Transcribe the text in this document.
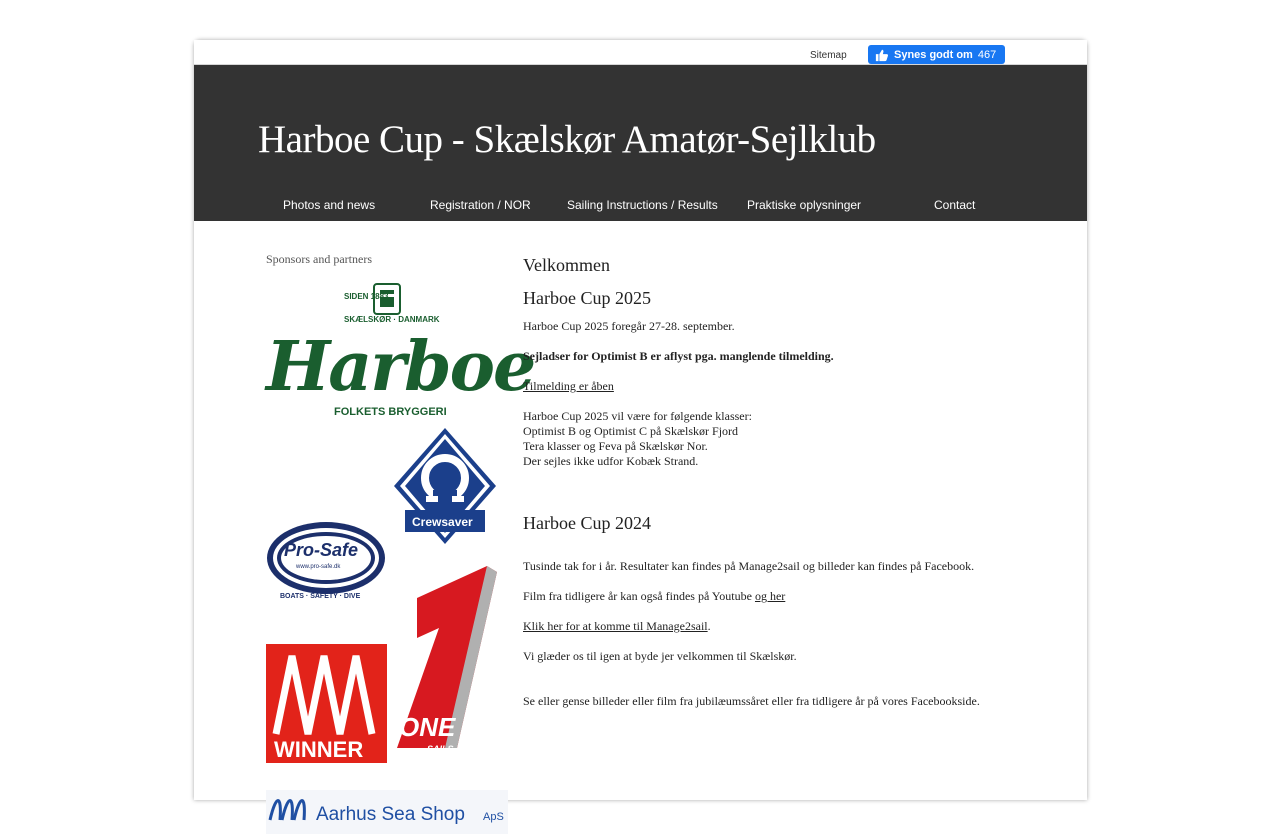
Sitemap	Synes godt om 467
Harboe Cup - Skælskør Amatør-Sejlklub
Photos and news	Registration / NOR	Sailing Instructions / Results Praktiske oplysninger	Contact
Sponsors and partners
SIDEN 1883
SKÆLSKØR · DANMARK
Harboe
FOLKETS BRYGGERI
Pro-Safe
www.pro-safe.dk
BOATS · SAFETY · DIVE
Crewsaver
WINNER
ONE
SAILS
Aarhus Sea Shop ApS
Velkommen
Harboe Cup 2025

Harboe Cup 2025 foregår 27-28. september.

Sejladser for Optimist B er aflyst pga. manglende tilmelding.

Tilmelding er åben

Harboe Cup 2025 vil være for følgende klasser:

Optimist B og Optimist C på Skælskør Fjord

Tera klasser og Feva på Skælskør Nor.

Der sejles ikke udfor Kobæk Strand.

Harboe Cup 2024

Tusinde tak for i år. Resultater kan findes på Manage2sail og billeder kan findes på Facebook.

Film fra tidligere år kan også findes på Youtube og her

Klik her for at komme til Manage2sail.

Vi glæder os til igen at byde jer velkommen til Skælskør.

Se eller gense billeder eller film fra jubilæumssåret eller fra tidligere år på vores Facebookside.
